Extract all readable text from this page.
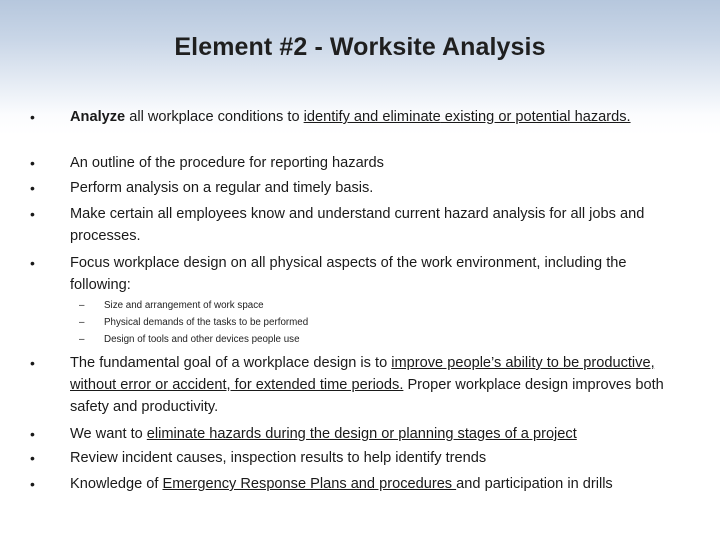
Element #2 - Worksite Analysis
• Analyze all workplace conditions to identify and eliminate existing or potential hazards.
• An outline of the procedure for reporting hazards
• Perform analysis on a regular and timely basis.
• Make certain all employees know and understand current hazard analysis for all jobs and processes.
• Focus workplace design on all physical aspects of the work environment, including the following:
– Size and arrangement of work space
– Physical demands of the tasks to be performed
– Design of tools and other devices people use
• The fundamental goal of a workplace design is to improve people’s ability to be productive, without error or accident, for extended time periods. Proper workplace design improves both safety and productivity.
• We want to eliminate hazards during the design or planning stages of a project
• Review incident causes, inspection results to help identify trends
• Knowledge of Emergency Response Plans and procedures and participation in drills
